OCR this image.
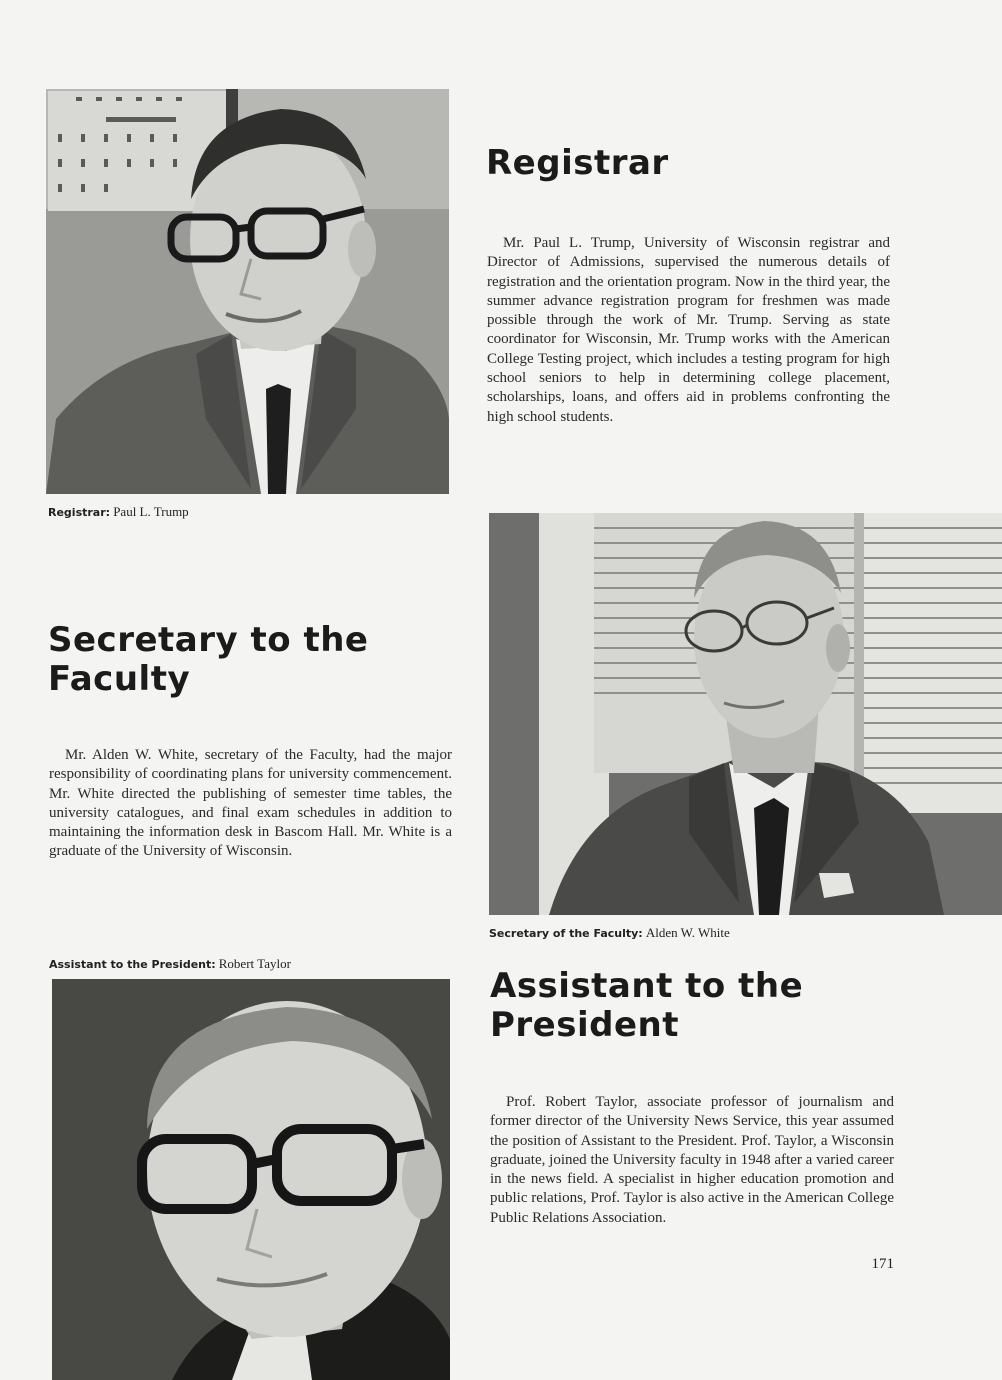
Registrar

Mr. Paul L. Trump, University of Wisconsin registrar and Director of Admissions, supervised the numerous details of registration and the orientation program. Now in the third year, the summer advance registration program for freshmen was made possible through the work of Mr. Trump. Serving as state coordinator for Wisconsin, Mr. Trump works with the American College Testing project, which includes a testing program for high school seniors to help in determining college placement, scholarships, loans, and offers aid in problems confronting the high school students.

Registrar: Paul L. Trump
Secretary to the
Faculty

Mr. Alden W. White, secretary of the Faculty, had the major responsibility of coordinating plans for university commencement. Mr. White directed the publishing of semester time tables, the university catalogues, and final exam schedules in addition to maintaining the information desk in Bascom Hall. Mr. White is a graduate of the University of Wisconsin.

Secretary of the Faculty: Alden W. White
Assistant to the President: Robert Taylor
Assistant to the
President

Prof. Robert Taylor, associate professor of journalism and former director of the University News Service, this year assumed the position of Assistant to the President. Prof. Taylor, a Wisconsin graduate, joined the University faculty in 1948 after a varied career in the news field. A specialist in higher education promotion and public relations, Prof. Taylor is also active in the American College Public Relations Association.

171
